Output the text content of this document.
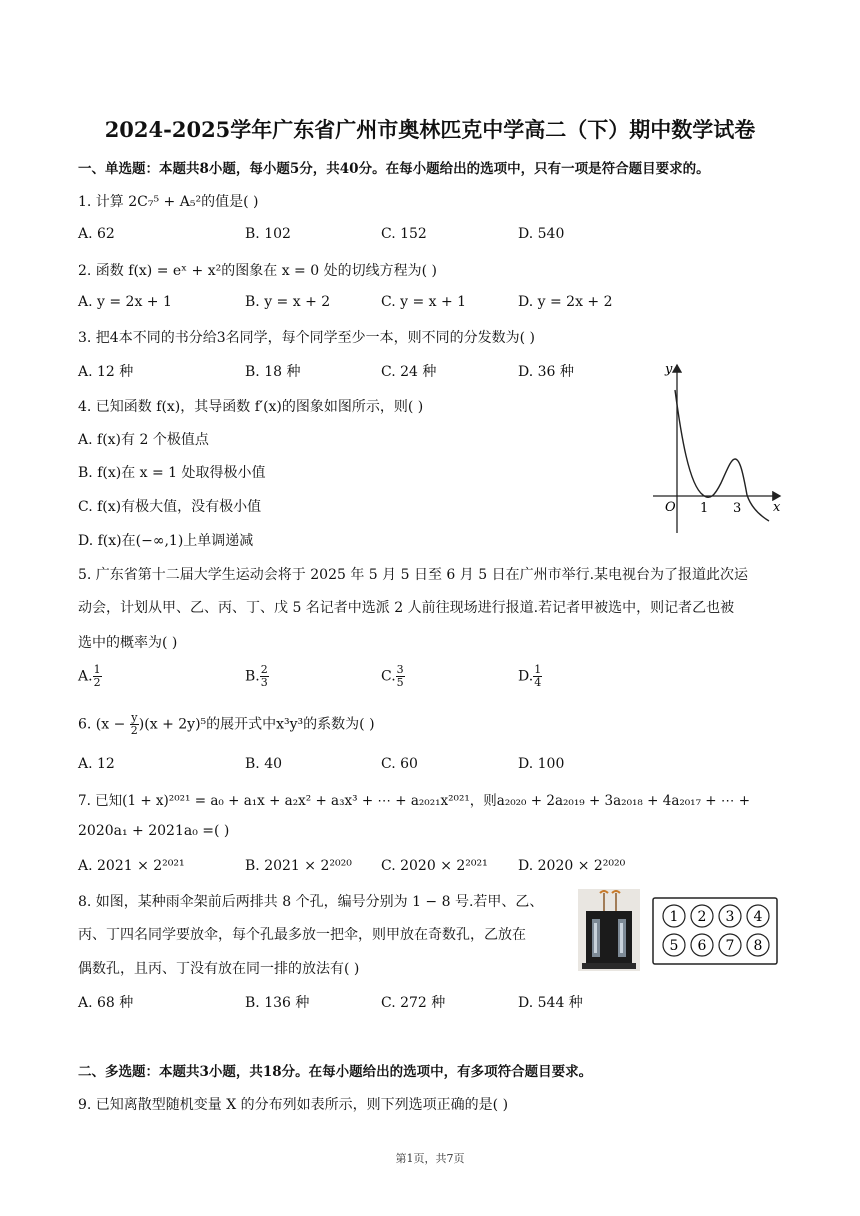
2024-2025学年广东省广州市奥林匹克中学高二（下）期中数学试卷
一、单选题：本题共8小题，每小题5分，共40分。在每小题给出的选项中，只有一项是符合题目要求的。
1. 计算 2C₇⁵ + A₅²的值是( )
A. 62	B. 102	C. 152	D. 540
2. 函数 f(x) = eˣ + x²的图象在 x = 0 处的切线方程为( )
A. y = 2x + 1	B. y = x + 2	C. y = x + 1	D. y = 2x + 2
3. 把4本不同的书分给3名同学，每个同学至少一本，则不同的分发数为( )
A. 12 种	B. 18 种	C. 24 种	D. 36 种
4. 已知函数 f(x)，其导函数 f′(x)的图象如图所示，则( )
A. f(x)有 2 个极值点
B. f(x)在 x = 1 处取得极小值
C. f(x)有极大值，没有极小值
D. f(x)在(−∞,1)上单调递减
y
x
O 1 3
5. 广东省第十二届大学生运动会将于 2025 年 5 月 5 日至 6 月 5 日在广州市举行.某电视台为了报道此次运
动会，计划从甲、乙、丙、丁、戊 5 名记者中选派 2 人前往现场进行报道.若记者甲被选中，则记者乙也被
选中的概率为( )
A. $\frac{1}{2}$	B. $\frac{2}{3}$	C. $\frac{3}{5}$	D. $\frac{1}{4}$
6. $(x - \frac{y}{2} )(x + 2y)^5$的展开式中x³y³的系数为( )
A. 12	B. 40	C. 60	D. 100
7. 已知(1 + x)²⁰²¹ = a₀ + a₁x + a₂x² + a₃x³ + ⋯ + a₂₀₂₁x²⁰²¹，则a₂₀₂₀ + 2a₂₀₁₉ + 3a₂₀₁₈ + 4a₂₀₁₇ + ⋯ +
2020a₁ + 2021a₀ =( )
A. 2021 × 2²⁰²¹	B. 2021 × 2²⁰²⁰ C. 2020 × 2²⁰²¹ D. 2020 × 2²⁰²⁰
8. 如图，某种雨伞架前后两排共 8 个孔，编号分别为 1 − 8 号.若甲、乙、
丙、丁四名同学要放伞，每个孔最多放一把伞，则甲放在奇数孔，乙放在
偶数孔，且丙、丁没有放在同一排的放法有( )
A. 68 种	B. 136 种	C. 272 种	D. 544 种
1 2 3 4
5 6 7 8
二、多选题：本题共3小题，共18分。在每小题给出的选项中，有多项符合题目要求。
9. 已知离散型随机变量 X 的分布列如表所示，则下列选项正确的是( )
第1页，共7页
